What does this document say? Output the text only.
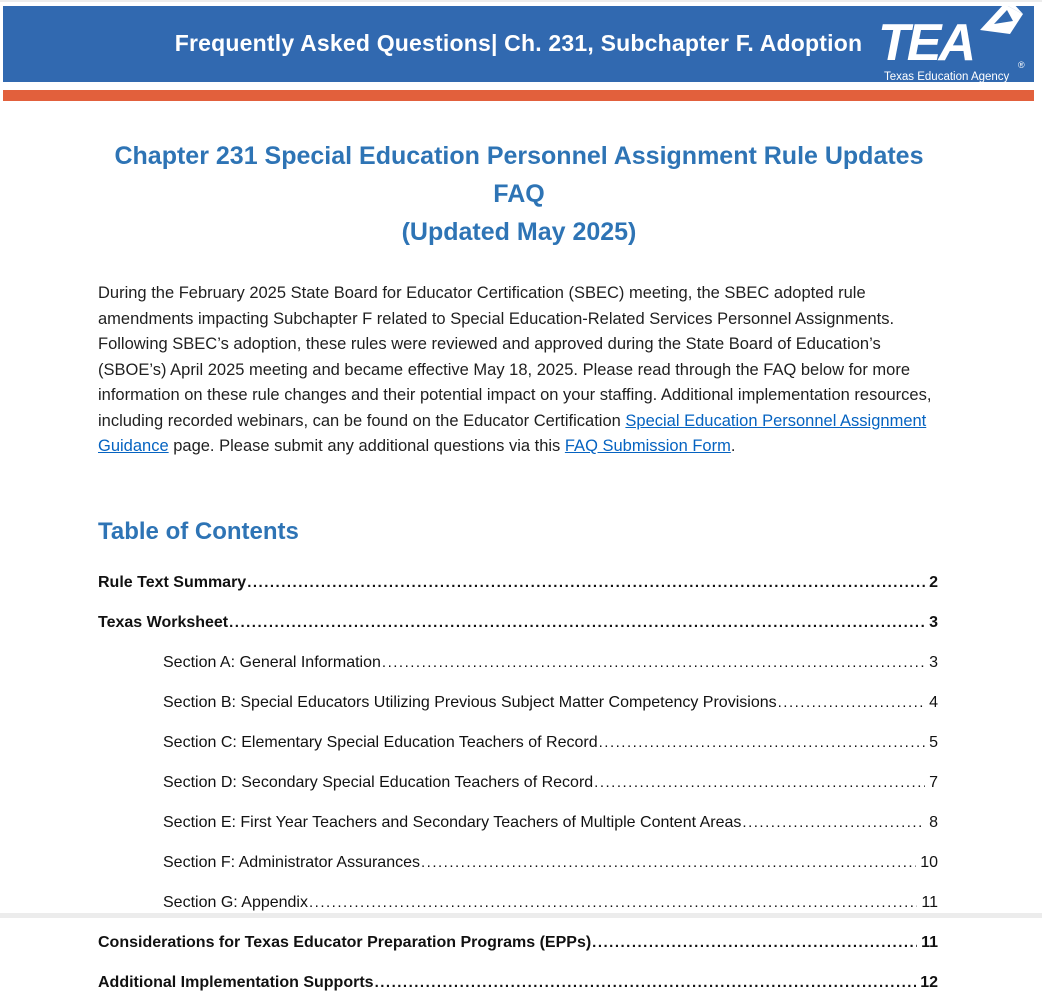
Frequently Asked Questions| Ch. 231, Subchapter F. Adoption TEA	®
Texas Education Agency
Chapter 231 Special Education Personnel Assignment Rule Updates FAQ
(Updated May 2025)

During the February 2025 State Board for Educator Certification (SBEC) meeting, the SBEC adopted rule amendments impacting Subchapter F related to Special Education-Related Services Personnel Assignments. Following SBEC’s adoption, these rules were reviewed and approved during the State Board of Education’s (SBOE’s) April 2025 meeting and became effective May 18, 2025. Please read through the FAQ below for more information on these rule changes and their potential impact on your staffing. Additional implementation resources, including recorded webinars, can be found on the Educator Certification Special Education Personnel Assignment Guidance page. Please submit any additional questions via this FAQ Submission Form.

Table of Contents
Rule Text Summary .....	2
Texas Worksheet .....	3
Section A: General Information .....	3
Section B: Special Educators Utilizing Previous Subject Matter Competency Provisions .....	4
Section C: Elementary Special Education Teachers of Record .....	5
Section D: Secondary Special Education Teachers of Record .....	7
Section E: First Year Teachers and Secondary Teachers of Multiple Content Areas .....	8
Section F: Administrator Assurances .....	10
Section G: Appendix .....	11
Considerations for Texas Educator Preparation Programs (EPPs) .....	11
Additional Implementation Supports .....	12
